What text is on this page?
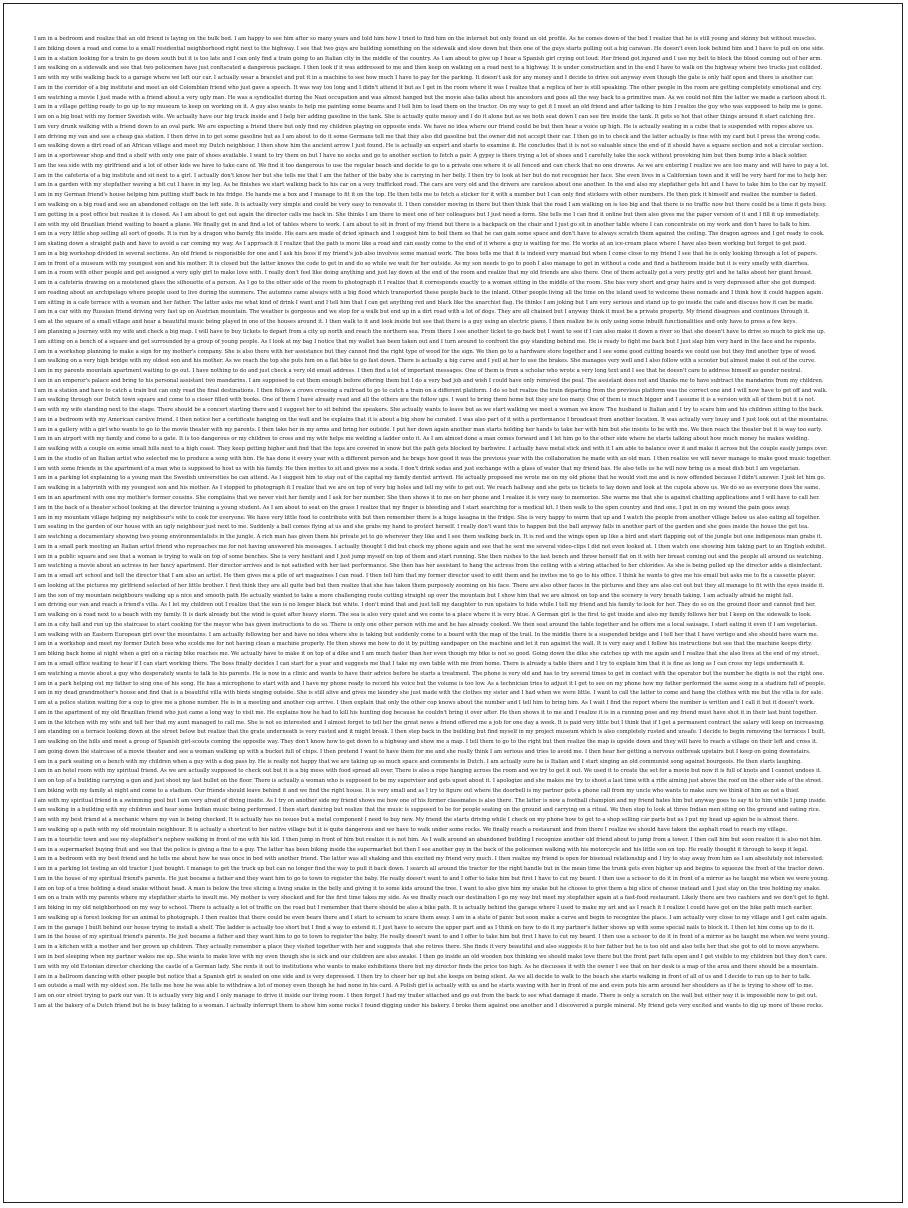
I am in a bedroom and realize that an old friend is laying on the bulk bed. I am happy to see him after so many years and told him how I tried to find him on the internet but only found an old profile. As he comes down of the bed I realize that he is still young and skinny but without muscles.
I am biking down a road and come to a small residential neighborhood right next to the highway. I see that two guys are building something on the sidewalk and slow down but then one of the guys starts pulling out a big caravan. He doesn't even look behind him and I have to pull on one side.
I am in a station looking for a train to go down south but it is too late and I can only find a train going to an Italian city in the middle of the country. As I am about to give up I hear a Spanish girl crying out loud. Her friend got injured and I use my belt to block the blood coming out of her arm.
I am walking on a sidewalk and see that two policemen have just confiscated a dangerous package. I then look if it was addressed to me and then keep on walking on a road next to a highway. It is under construction and in the end I have to walk on the highway where two trucks just collided.
I am with my wife walking back to a garage where we left our car. I actually wear a bracelet and put it in a machine to see how much I have to pay for the parking. It doesn't ask for any money and I decide to drive out anyway even though the gate is only half open and there is another car.
I am in the corridor of a big institute and meet an old Colombian friend who just gave a speech. It was way too long and I didn't attend it but as I get in the room where it was I realize that a replica of her is still speaking. The other people in the room are getting completely emotional and cry.
I am watching a movie I just made with a friend about a very ugly man. He was a syndicalist during the Nazi occupation and was almost hanged but the movie also talks about his ancestors and goes all the way back to a primitive man. As we could not film the latter we made a cartoon about it.
I am in a village getting ready to go up to my museum to keep on working on it. A guy also wants to help me painting some beams and I tell him to load them on the tractor. On my way to get it I meet an old friend and after talking to him I realize the guy who was supposed to help me is gone.
I am on a big boat with my former Swedish wife. We actually have our big truck inside and I help her adding gasoline in the tank. She is actually quite messy and I do it alone but as we both seat down I can see fire inside the tank. It gets so hot that other things around it start catching fire.
I am very drunk walking with a friend down to an oval park. We are expecting a friend there but only find my children playing on opposite ends. We have no idea where our friend could be but then hear a voice up high. He is actually seating in a cube that is suspended with ropes above us.
I am driving my van and see a cheap gas station. I then drive in to get some gasoline but as I am about to do it some Germans tell me that they also did gasoline but the owner did not accept their car. I then go in to check and the latter actually is fine with my card but I press the wrong code.
I am walking down a dirt road of an African village and meet my Dutch neighbour. I then show him the ancient arrow I just found. He is actually an expert and starts to examine it. He concludes that it is not so valuable since the end of it should have a square section and not a circular section.
I am in a sportswear shop and find a shelf with only one pair of shoes available. I want to try them on but I have no socks and go to another section to fetch a pair. A gypsy is there trying a lot of shoes and I carefully take the sock without provoking him but then bump into a black soldier.
I am the sea side with my girlfriend and a lot of other kids we have to take care of. We find it too dangerous to use the regular beach and decide to go to a private one where it is all fenced and can check that no one drowns. As we are entering I realize we are too many and will have to pay a lot.
I am in the cafeteria of a big institute and sit next to a girl. I actually don't know her but she tells me that I am the father of the baby she is carrying in her belly. I then try to look at her but do not recognize her face. She even lives in a Californian town and it will be very hard for me to help her.
I am in a garden with my stepfather waving a bit cut I have in my leg. As he finishes we start walking back to his car on a very trafficked road. The cars are very old and the drivers are careless about one another. In the end also my stepfather gets hit and I have to take him to the car by myself.
I am in my German friend's house helping him putting stuff back in his fridge. He hands me a box and I manage to fit it on the top. He then tells me to fetch a sticker for it with a number but I can only find stickers with other numbers. He then pick it himself and realize the number is faded.
I am walking on a big road and see an abandoned cottage on the left side. It is actually very simple and could be very easy to renovate it. I then consider moving in there but then think that the road I am walking on is too big and that there is no traffic now but there could be a time it gets busy.
I am getting in a post office but realize it is closed. As I am about to get out again the director calls me back in. She thinks I am there to meet one of her colleagues but I just need a form. She tells me I can find it online but then also gives me the paper version of it and I fill it up immediately.
I am with my old Brazilian friend waiting to board a plane. We finally get in and find a lot of tables where to work. I am about to sit in front of my friend but there is a backpack on the chair and I just go sit in another table where I can concentrate on my work and don't have to talk to him.
I am in a very little shop selling all sort of goods. It is run by a dragon who barely fits inside. His ears are made of dried spinach and I suggest him to boil them so that he can gain some space and don't have to always scratch them against the ceiling. The dragon agrees and I get ready to cook.
I am skating down a straight path and have to avoid a car coming my way. As I approach it I realize that the path is more like a road and can easily come to the end of it where a guy is waiting for me. He works at an ice-cream place where I have also been working but forgot to get paid.
I am in a big workshop divided in several sections. An old friend is responsible for one and I ask his boss if my friend's job also involves some manual work. The boss tells me that it is indeed very manual but when I come close to my friend I see that he is only looking through a lot of papers.
I am in front of a museum with my youngest son and his mother. It is closed but the latter knows the code to get in and do so while we wait for her outside. As my son needs to go to pooh I also manage to get in without a code and find a bathroom inside but it is very smelly with diarrhea.
I am in a room with other people and get assigned a very ugly girl to make love with. I really don't feel like doing anything and just lay down at the end of the room and realize that my old friends are also there. One of them actually got a very pretty girl and he talks about her giant breast.
I am in a cafeteria drawing on a moistened glass the silhouette of a person. As I go to the other side of the room to photograph it I realize that it corresponds exactly to a woman sitting in the middle of the room. She has very short and gray hairs and is very depressed after she got dumped.
I am reading about an archipelago where people used to live during the summers. The autumns came always with a big flood which transported these people back to the inland. Other people living all the time on the island used to welcome these nomads and I think how it could happen again.
I am sitting in a cafe terrace with a woman and her father. The latter asks me what kind of drink I want and I tell him that I can get anything red and black like the anarchist flag. He thinks I am joking but I am very serious and stand up to go inside the cafe and discuss how it can be made.
I am in a car with my Russian friend driving very fast up on Austrian mountain. The weather is gorgeous and we stop for a walk but end up in a dirt road with a lot of dogs. They are all chained but I anyway think it must be a private property. My friend disagrees and continues through it.
I am at the square of a small village and hear a beautiful music being played in one of the houses around it. I then walk to it and look inside but see that there is a guy using an electric piano. I then realize he is only using some inbuilt functionalities and only have to press a few keys.
I am planning a journey with my wife and check a big map. I will have to buy tickets to depart from a city up north and reach the northern sea. From there I see another ticket to go back but I want to see if I can also make it down a river so that she doesn't have to drive so much to pick me up.
I am sitting on a bench of a square and get surrounded by a group of young people. As I look at my bag I notice that my wallet has been taken out and I turn around to confront the guy standing behind me. He is ready to fight me back but I just slap him very hard in the face and he repents.
I am in a workshop planning to make a sign for my mother's company. She is also there with her assistance but they cannot find the right type of wood for the sign. We then go to a hardware store together and I see some good cutting boards we could use but they find another type of wood.
I am walking on a very high bridge with my oldest son and his mother. As we reach the top she puts him on a flat bike to go fast down. There is actually a big curve and I yell at her to use the brakes. She manages very well and I also follow with a scooter but almost make it out of the curve.
I am in my parents mountain apartment waiting to go out. I have nothing to do and just check a very old email address. I then find a lot of important messages. One of them is from a scholar who wrote a very long text and I see that he doesn't care to address himself as gender neutral.
I am in an emperor's palace and bring to his personal assistant two mandarins. I am supposed to cut them enough before offering them but I do a very bad job and wish I could have only removed the peal. The assistant does not and thanks me to have subtract the mandarins from my children.
I am in a station and have to catch a train but can only read the final destinations. I then follow a crows crossing a railroad to go to catch a train on a different platform. I do so but realize the train departing from the previous platform was the correct one and I will now have to get off and walk.
I am walking through our Dutch town square and come to a closer filled with books. One of them I have already read and all the others are the follow ups. I want to bring them home but they are too many. One of them is much bigger and I assume it is a version with all of them but it is not.
I am with my wife standing next to the stage. There should be a concert starting there and I suggest her to sit behind the speakers. She actually wants to leave but as we start walking we meet a woman we know. The husband is Italian and I try to scare him and his children sitting to the back.
I am in a bedroom with my American cursive friend. I then notice her a certificate hanging on the wall and he explains that it is about a big show he curated. I was also part of it with a performance I broadcast from another location. It was actually very lousy and I just look out at the mountains.
I am in a gallery with a girl who wants to go to the movie theater with my parents. I then take her in my arms and bring her outside. I put her down again another man starts holding her hands to take her with him but she insists to be with me. We then reach the theater but it is way too early.
I am in an airport with my family and come to a gate. It is too dangerous or my children to cross and my wife helps me welding a ladder onto it. As I am almost done a man comes forward and I let him go to the other side where he starts talking about how much money he makes welding.
I am walking with a couple on some small hills next to a high coast. They keep getting higher and find that the tops are covered in snow but the path gets blocked by barbwire. I actually have metal stick and with it I am able to balance over it and make it across but the couple easily jumps over.
I am in the studio of an Italian artist who selected me to produce a song with him. He has done it every year with a different person and he brags how good it was the previous year with the collaboration he made with an old man. I then realize we will never manage to make good music together.
I am with some friends in the apartment of a man who is supposed to host us with his family. He then invites to sit and gives me a soda. I don't drink sodas and just exchange with a glass of water that my friend has. He also tells us he will now bring us a meat dish but I am vegetarian.
I am in a parking lot explaining to a young man the Swedish universities he can attend. As I suggest him to stay out of the capital my family dentist arrived. He actually proposed me wrote me on my old phone that he would visit me and is now offended because I didn't answer. I just let him go.
I am walking in a labyrinth with my youngest son and his mother. As I stopped to photograph it I realize that we are on top of very big holes and tell my wife to get out. We reach hallway and she gets us tickets to lay down and look at the cupola above us. We do so as everyone does the same.
I am in an apartment with one my mother's former cousins. She complains that we never visit her family and I ask for her number. She then shows it to me on her phone and I realize it is very easy to memorize. She warns me that she is against chatting applications and I will have to call her.
I am in the back of a theater school looking at the director training a young student. As I am about to seat on the grass I realize that my finger is bleeding and I start searching for a medical kit. I then walk to the open country and find one. I put in on my wound the pain goes away.
I am in my mountain village helping my neighbour's wife to cook for everyone. We have very little food to contribute with but then remember there is a huge lasagna in the fridge. She is very happy to warm that up and I watch the people from another village below us also eating all together.
I am seating in the garden of our house with an ugly neighbour just next to me. Suddenly a ball comes flying at us and she grabs my hand to protect herself. I really don't want this to happen but the ball anyway falls in another part of the garden and she goes inside the house the get tea.
I am watching a documentary showing two young environmentalists in the jungle. A rich man has given them his private jet to go wherever they like and I see them walking back in. It is red and the wings open up like a bird and start flapping out of the jungle but one indigenous man grabs it.
I am in a small park meeting an Italian artist friend who reproaches me for not having answered his messages. I actually thought I did but check my phone again and see that he sent me several video-clips I did not even looked at. I then watch one showing him taking part to an English exhibit.
I am in a public square and see that a woman is trying to walk on top of some benches. She is very hesitant and I just jump myself on top of them and start running. She then rushes to the last bench and throw herself flat on it with her breast coming out and the people all around us watching.
I am watching a movie about an actress in her fancy apartment. Her director arrives and is not satisfied with her last performance. She then has her assistant to hang the actress from the ceiling with a string attached to her chlorides. As she is being pulled up the director adds a disinfectant.
I am in a small art school and tell the director that I am also an artist. He then gives me a pile of art magazines I can read. I then tell him that my former director used to edit them and he invites me to go to his office. I think he wants to give me his email but asks me to fix a cassette player.
I am looking at the pictures my girlfriend selected of her little brother. I first think they are all quite bad but then realize that she has taken them purposely zooming on his face. There are also other faces in the pictures and they are also cut out but they all manage to fit with the eyes inside it.
I am the son of my mountain neighbours walking up a nice and smooth path He actually wanted to take a more challenging route cutting straight up over the mountain but I show him that we are almost on top and the scenery is very breath taking. I am actually afraid he might fall.
I am driving our van and reach a friend's villa. As I let my children out I realize that the sun is no longer black but white. I don't mind that and just tell my daughter to run upstairs to hide while I tell my friend and his family to look for her. They do so on the ground floor and cannot find her.
I am walking on a road next to a beach with my family. It is dark already but the wind is quiet after heavy storm. The sea is also very quiet and we come to a place where it is very blue. A German girl is the first to get inside and also my family follows her but I keep on the sidewalk to look.
I am in a city hall and run up the staircase to start cooking for the mayor who has given instructions to do so. There is only one other person with me and he has already cooked. We then seat around the table together and he offers me a local sausage. I start eating it even if I am vegetarian.
I am walking with an Eastern European girl over the mountains. I am actually following her and have no idea where she is taking but suddenly come to a board with the map of the trail. In the middle there is a suspended bridge and I tell her that I have vertigo and she should have warn me.
I am in a workshop and meet my former Dutch boss who scolds me for not having clean a machine properly. He then shows me how to do it by putting sandpaper on the machine and let it run against the wall. It is very easy and I follow his instructions but see that the machine keeps dirty.
I am biking back home at night when a girl on a racing bike reaches me. We actually have to make it on top of a dike and I am much faster than her even though my bike is not so good. Going down the dike she catches up with me again and I realize that she also lives at the end of my street.
I am in a small office waiting to hear if I can start working there. The boss finally decides I can start for a year and suggests me that I take my own table with me from home. There is already a table there and I try to explain him that it is fine as long as I can cross my legs underneath it.
I am watching a movie about a guy who desperately wants to talk to his parents. He is now in a clinic and wants to have their advice before he starts a treatment. The phone is very old and has to try several times to get in contact with the operator but the number he digits is not the right one.
I am in a park helping out my father to sing one of his song. He has a microphone to start with and I have my phone ready to record his voice but the volume is too low. As a technician tries to adjust it I get to see on my phone how my father performed the same song in a stadium full of people.
I am in my dead grandmother's house and find that is a beautiful villa with birds singing outside. She is still alive and gives me laundry she just made with the clothes my sister and I had when we were little. I want to call the latter to come and hang the clothes with me but the villa is for sale.
I am at a police station waiting for a cop to give me a phone number. He is in a meeting and another cop arrive. I then explain that only the other cop knows about the number and I tell him to bring him. As I wait I find the report where the number is written and I call it but it doesn't work.
I am in the apartment of my old Brazilian friend who just came a long way to visit me. He explains how he had to kill his hunting dog because he couldn't bring it over after. He then shows it to me and I realize it is in a running pose and my friend must have shot it in their last hunt together.
I am in the kitchen with my wife and tell her that my aunt managed to call me. She is not so interested and I almost forget to tell her the great news a friend offered me a job for one day a week. It is paid very little but I think that if I get a permanent contract the salary will keep on increasing.
I am standing on a terrace looking down at the street below but realize that the grate underneath is very rusted and it might break. I then step back in the building but find myself in my project museum which is also completely rusted and unsafe. I decide to begin removing the terraces I built.
I am walking on the hills and meet a group of Spanish girl-scouts coming the opposite way. They don't know how to get down to a highway and show me a map. I tell them to go to the right but then realize the map is upside down and they will have to reach a village on their left and cross it.
I am going down the staircase of a movie theater and see a woman walking up with a bucket full of chips. I then pretend I want to have them for me and she really think I am serious and tries to avoid me. I then hear her getting a nervous outbreak upstairs but I keep on going downstairs.
I am in a park seating on a bench with my children when a guy with a dog pass by. He is really not happy that we are taking up so much space and comments in Dutch. I am actually sure he is Italian and I start singing an old communist song against bourgeois. He then starts laughing.
I am in an hotel room with my spiritual friend. As we are actually supposed to check out but it is a big mess with food spread all over. There is also a rope hanging across the room and we try to get it out. We used it to create the set for a movie but now it is full of knots and I cannot undoes it.
I am on top of a building carrying a gun and just shoot my last bullet on the floor. There is actually a woman who is supposed to be my supervisor and gets upset about it. I apologize and she makes me try to shoot a last time with a rifle aiming just above the roof on the other side of the street.
I am biking with my family at night and come to a stadium. Our friends should leave behind it and we find the right house. It is very small and as I try to figure out where the doorbell is my partner gets a phone call from my uncle who wants to make sure we think of him as not a thief.
I am with my spiritual friend in a swimming pool but I am very afraid of diving inside. As I try on another side my friend shows me how one of his former classmates is also there. The latter is now a football champion and my friend hates him but anyway goes to say hi to him while I jump inside.
I am walking in a building with my children and hear some Indian music being performed. I then start dancing but realize that the music is supposed to be for people seating on the ground and carrying on a ritual. We then stop to look at three Indian men siting on the ground and eating rice.
I am with my best friend at a mechanic where my van is being checked. It is actually has no issues but a metal component I need to buy new. My friend the starts driving while I check on my phone how to get to a shop selling car parts but as I put my head up again he is almost there.
I am walking up a path with my old mountain neighbour. It is actually a shortcut to her native village but it is quite dangerous and we have to walk under some rocks. We finally reach a restaurant and from there I realize we should have taken the asphalt road to reach my village.
I am in a touristic town and see my stepfather's nephew walking in front of me with his kid. I then jump in front of him but realize it is not him. As I walk around an abandoned building I recognize another old friend about to jump from a tower. I then call him but soon realize it is also not him.
I am in a supermarket buying fruit and see that the police is giving a fine to a guy. The latter has been biking inside the supermarket but then I see another guy in the back of the policemen walking with his motorcycle and his little son on top. He really thought it through to keep it legal.
I am in a bedroom with my best friend and he tells me about how he was once in bed with another friend. The latter was all shaking and this excited my friend very much. I then realize my friend is open for bisexual relationship and I try to stay away from him as I am absolutely not interested.
I am in a parking lot testing an old tractor I just bought. I manage to get the truck up but can no longer find the way to pull it back down. I search all around the tractor for the right handle but in the mean time the trunk gets even higher up and begins to squeeze the front of the tractor down.
I am in the house of my spiritual friend's parents. He just became a father and they want him to go to town to register the baby. He really doesn't want to and I offer to take him but first I have to cut my beard. I then use a scissor to do it in front of a mirror as he taught me when we were young.
I am on top of a tree holding a dead snake without head. A man is below the tree slicing a living snake in the belly and giving it to some kids around the tree. I want to also give him my snake but he choose to give them a big slice of cheese instead and I just stay on the tree holding my snake.
I am on a train with my parents where my stepfather starts to insult me. My mother is very shocked and for the first time takes my side. As we finally reach our destination I go my way but meet my stepfather again at a fast-food restaurant. Likely there are two cashiers and we don't get to fight.
I am biking in my old neighborhood on my way to school. There is actually a lot of traffic on the road but I remember that there should be also a bike path. It is actually behind the garage where I used to make my art and as I reach it I realize I could have got on the bike path much earlier.
I am walking up a forest looking for an animal to photograph. I then realize that there could be even bears there and I start to scream to scare them away. I am in a state of panic but soon make a curve and begin to recognize the place. I am actually very close to my village and I get calm again.
I am in the garage I built behind our house trying to install a shelf. The ladder is actually too short but I find a way to extend it. I just have to secure the upper part and as I think on how to do it my partner's father shows up with some special nails to block it. I then let him come up to do it.
I am in the house of my spiritual friend's parents. He just became a father and they want him to go to town to register the baby. He really doesn't want to and I offer to take him but first I have to cut my beard. I then use a scissor to do it in front of a mirror as he taught me when we were young.
I am in a kitchen with a mother and her grown up children. They actually remember a place they visited together with her and suggests that she retires there. She finds it very beautiful and also suggests it to her father but he is too old and also tells her that she got to old to move anywhere.
I am in bed sleeping when my partner wakes me up. She wants to make love with my even though she is sick and our children are also awake. I then go inside an old wooden box thinking we should make love there but the front part falls open and I get visible to my children but they don't care.
I am with my old Estonian director checking the castle of a German lady. She rents it out to institutions who wants to make exhibitions there but my director finds the price too high. As he discusses it with the owner I see that on her desk is a map of the area and there should be a mountain.
I am in a ballroom dancing with other people but notice that a Spanish girl is seated on one side and is very depressed. I then try to cheer her up but she keeps on being silent. As we all decide to walk to the beach she starts walking in front of all of us and I decide to run up to her to talk.
I am outside a mall with my oldest son. He tells me how he was able to withdraw a lot of money even though he had none in his card. A Polish girl is actually with us and he starts waving with her in front of me and even puts his arm around her shoulders as if he is trying to show off to me.
I am on our street trying to park our van. It is actually very big and I only manage to drive it inside our living room. I then forget I had my trailer attached and go out from the back to see what damage it made. There is only a scratch on the wall but either way it is impossible now to get out.
I am at the bakery of a Dutch friend but he is busy talking to a woman. I actually interrupt them to show him some rocks I found digging under his bakery. I broke them against one another and I discovered a purple mineral. My friend gets very excited and wants to dig up more of these rocks.
